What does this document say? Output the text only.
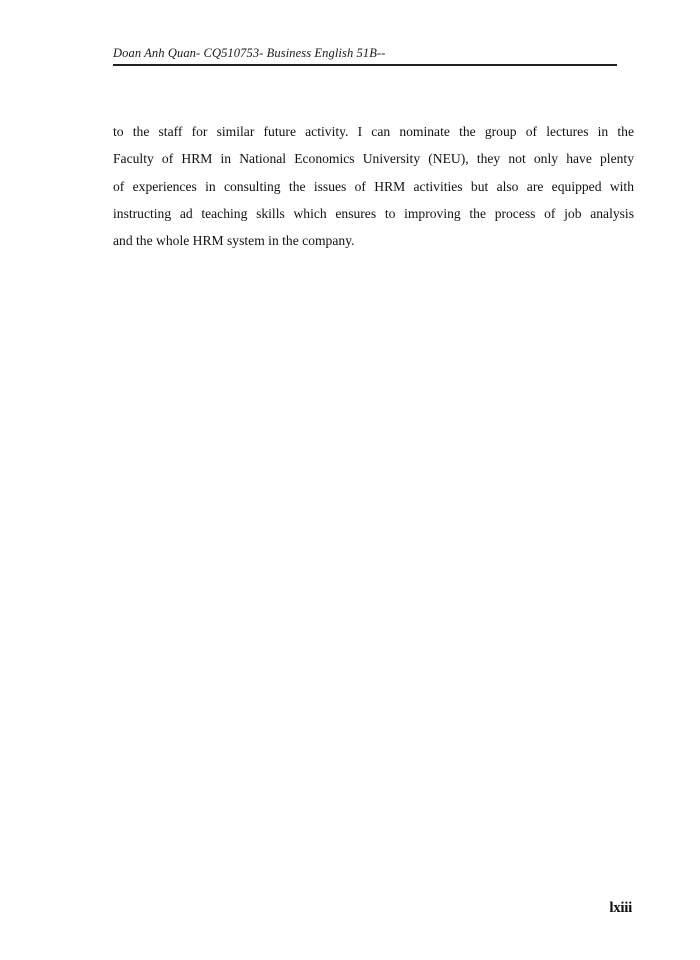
Doan Anh Quan- CQ510753- Business English 51B--

to the staff for similar future activity. I can nominate the group of lectures in the
Faculty of HRM in National Economics University (NEU), they not only have plenty
of experiences in consulting the issues of HRM activities but also are equipped with
instructing ad teaching skills which ensures to improving the process of job analysis
and the whole HRM system in the company.

lxiii
